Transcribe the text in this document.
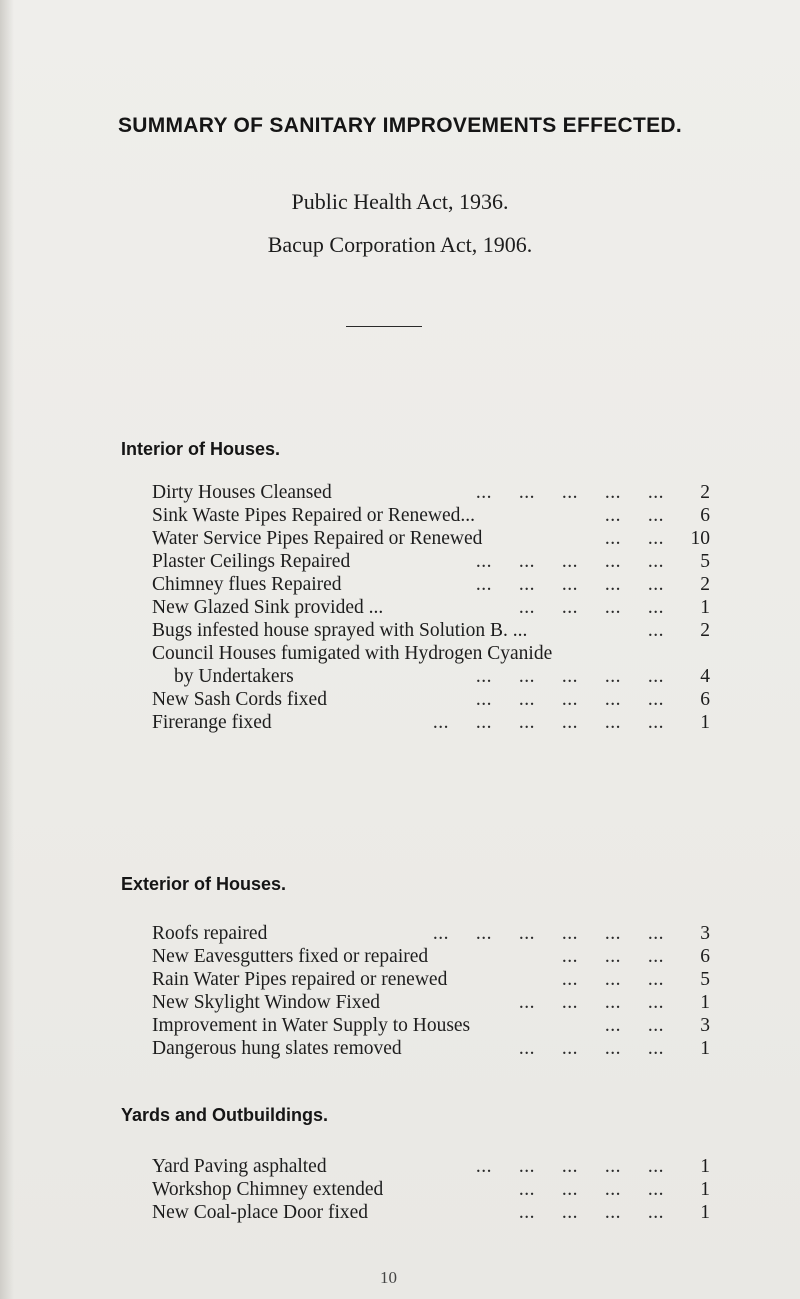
SUMMARY OF SANITARY IMPROVEMENTS EFFECTED.
Public Health Act, 1936.
Bacup Corporation Act, 1906.
Interior of Houses.
Dirty Houses Cleansed	...     ...     ...     ...     ...	2
Sink Waste Pipes Repaired or Renewed...	...     ...	6
Water Service Pipes Repaired or Renewed	...     ...	10
Plaster Ceilings Repaired	...     ...     ...     ...     ...	5
Chimney flues Repaired	...     ...     ...     ...     ...	2
New Glazed Sink provided ...	...     ...     ...     ...	1
Bugs infested house sprayed with Solution B. ...	...	2
Council Houses fumigated with Hydrogen Cyanide
by Undertakers	...     ...     ...     ...     ...	4
New Sash Cords fixed	...     ...     ...     ...     ...	6
Firerange fixed	...     ...     ...     ...     ...     ...	1
Exterior of Houses.
Roofs repaired	...     ...     ...     ...     ...     ...	3
New Eavesgutters fixed or repaired	...     ...     ...	6
Rain Water Pipes repaired or renewed	...     ...     ...	5
New Skylight Window Fixed	...     ...     ...     ...	1
Improvement in Water Supply to Houses	...     ...	3
Dangerous hung slates removed	...     ...     ...     ...	1
Yards and Outbuildings.
Yard Paving asphalted	...     ...     ...     ...     ...	1
Workshop Chimney extended	...     ...     ...     ...	1
New Coal-place Door fixed	...     ...     ...     ...	1
10
